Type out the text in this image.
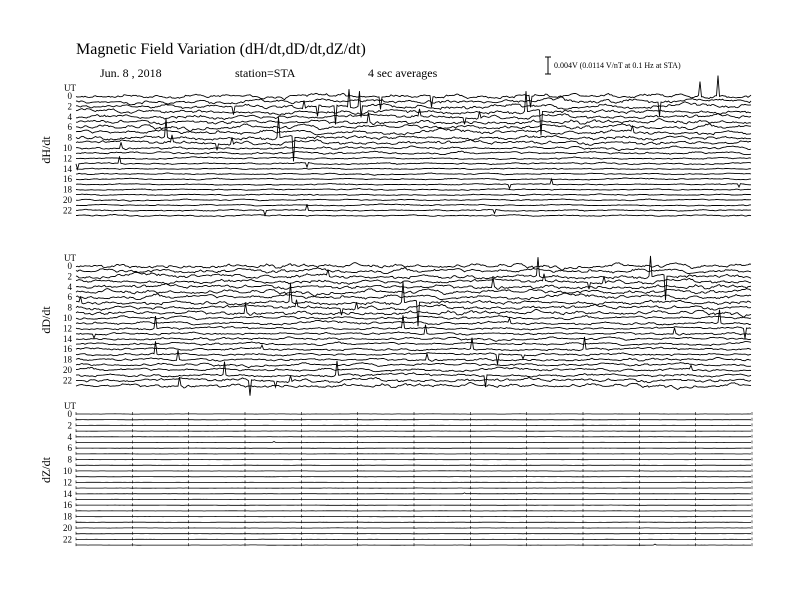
Magnetic Field Variation (dH/dt,dD/dt,dZ/dt)
Jun. 8 , 2018	station=STA	4 sec averages
0.004V (0.0114 V/nT at 0.1 Hz at STA)
UT
dH/dt
0
2
4
6
8
10
12
14
16
18
20
22
UT
dD/dt
0
2
4
6
8
10
12
14
16
18
20
22
UT
dZ/dt
0
2
4
6
8
10
12
14
16
18
20
22
